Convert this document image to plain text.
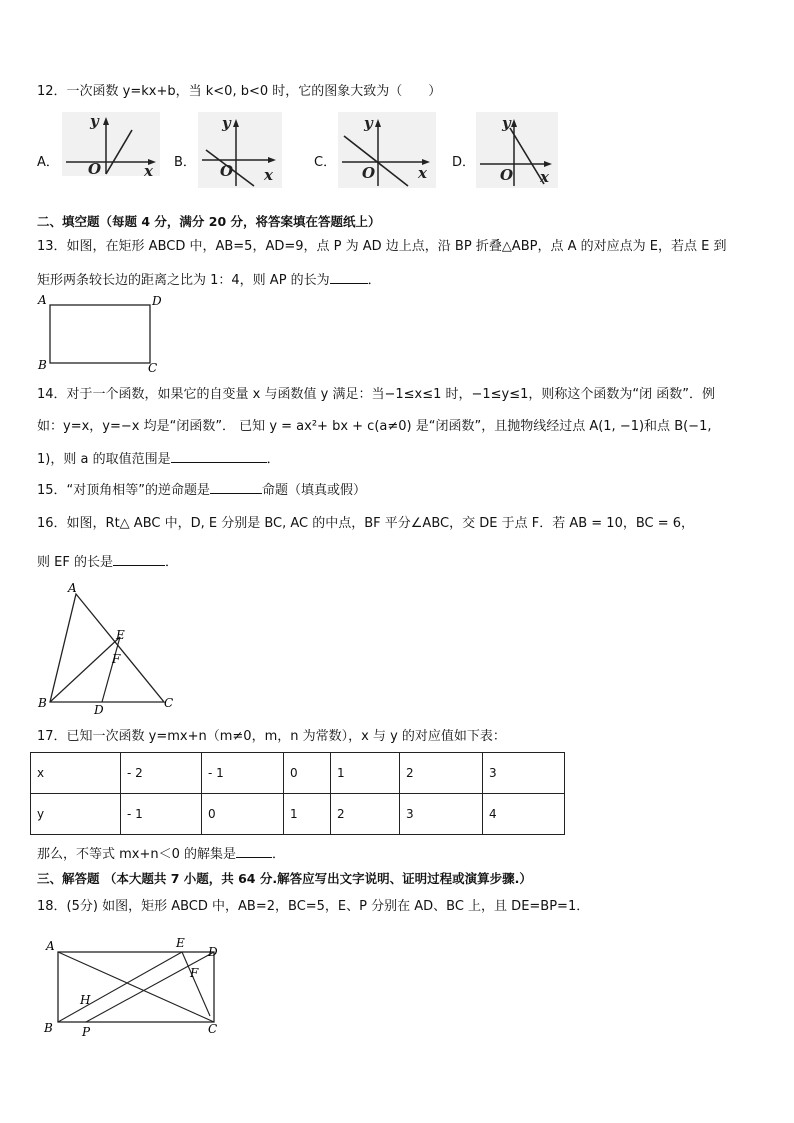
12．一次函数 y=kx+b，当 k<0, b<0 时，它的图象大致为（　　）
A．
y
O	x B．
y
O x
C．
y
O	x
D．
y
O x
二、填空题（每题 4 分，满分 20 分，将答案填在答题纸上）
13．如图，在矩形 ABCD 中，AB=5，AD=9，点 P 为 AD 边上点，沿 BP 折叠△ABP，点 A 的对应点为 E，若点 E 到
矩形两条较长边的距离之比为 1：4，则 AP 的长为	．
A	D
B	C
14．对于一个函数，如果它的自变量 x 与函数值 y 满足：当−1≤x≤1 时，−1≤y≤1，则称这个函数为“闭 函数”．例
如：y=x，y=−x 均是“闭函数”． 已知 y = ax²+ bx + c(a≠0) 是“闭函数”，且抛物线经过点 A(1, −1)和点 B(−1,
1)，则 a 的取值范围是	．
15．“对顶角相等”的逆命题是	命题（填真或假）
16．如图，Rt△ ABC 中，D, E 分别是 BC, AC 的中点，BF 平分∠ABC，交 DE 于点 F．若 AB = 10，BC = 6，
则 EF 的长是	．
A
E
F
B	D	C
17．已知一次函数 y=mx+n（m≠0，m，n 为常数），x 与 y 的对应值如下表：
x	- 2	- 1	0	1	2	3
y	- 1	0	1	2	3	4
那么，不等式 mx+n＜0 的解集是	．
三、解答题 （本大题共 7 小题，共 64 分.解答应写出文字说明、证明过程或演算步骤.）
18．(5分) 如图，矩形 ABCD 中，AB=2，BC=5，E、P 分别在 AD、BC 上，且 DE=BP=1．
A	E
D
F
H
B P	C
